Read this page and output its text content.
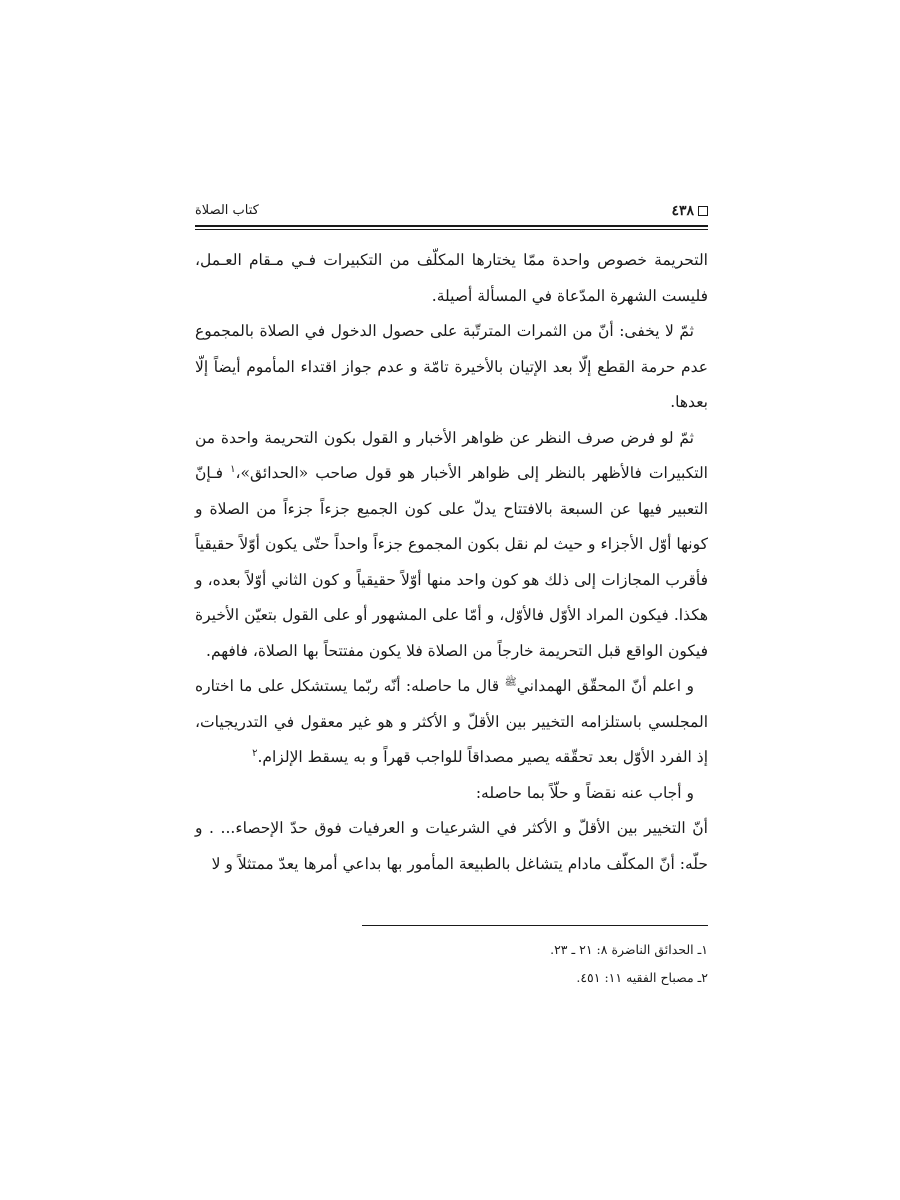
٤٣٨
كتاب الصلاة

التحريمة خصوص واحدة ممّا يختارها المكلّف من التكبيرات فـي مـقام العـمل، فليست الشهرة المدّعاة في المسألة أصيلة.

ثمّ لا يخفى: أنّ من الثمرات المترتّبة على حصول الدخول في الصلاة بالمجموع عدم حرمة القطع إلّا بعد الإتيان بالأخيرة تامّة و عدم جواز اقتداء المأموم أيضاً إلّا بعدها.

ثمّ لو فرض صرف النظر عن ظواهر الأخبار و القول بكون التحريمة واحدة من التكبيرات فالأظهر بالنظر إلى ظواهر الأخبار هو قول صاحب «الحدائق»،$^١$ فـإنّ التعبير فيها عن السبعة بالافتتاح يدلّ على كون الجميع جزءاً جزءاً من الصلاة و كونها أوّل الأجزاء و حيث لم نقل بكون المجموع جزءاً واحداً حتّى يكون أوّلاً حقيقياً فأقرب المجازات إلى ذلك هو كون واحد منها أوّلاً حقيقياً و كون الثاني أوّلاً بعده، و هكذا. فيكون المراد الأوّل فالأوّل، و أمّا على المشهور أو على القول بتعيّن الأخيرة فيكون الواقع قبل التحريمة خارجاً من الصلاة فلا يكون مفتتحاً بها الصلاة، فافهم.

و اعلم أنّ المحقّق الهمداني$^ﷺ$ قال ما حاصله: أنّه ربّما يستشكل على ما اختاره المجلسي باستلزامه التخيير بين الأقلّ و الأكثر و هو غير معقول في التدريجيات، إذ الفرد الأوّل بعد تحقّقه يصير مصداقاً للواجب قهراً و به يسقط الإلزام.$^٢$

و أجاب عنه نقضاً و حلّاً بما حاصله:

أنّ التخيير بين الأقلّ و الأكثر في الشرعيات و العرفيات فوق حدّ الإحصاء... . و حلّه: أنّ المكلّف مادام يتشاغل بالطبيعة المأمور بها بداعي أمرها يعدّ ممتثلاً و لا

١ـ الحدائق الناضرة ٨: ٢١ ـ ٢٣.

٢ـ مصباح الفقيه ١١: ٤٥١.
